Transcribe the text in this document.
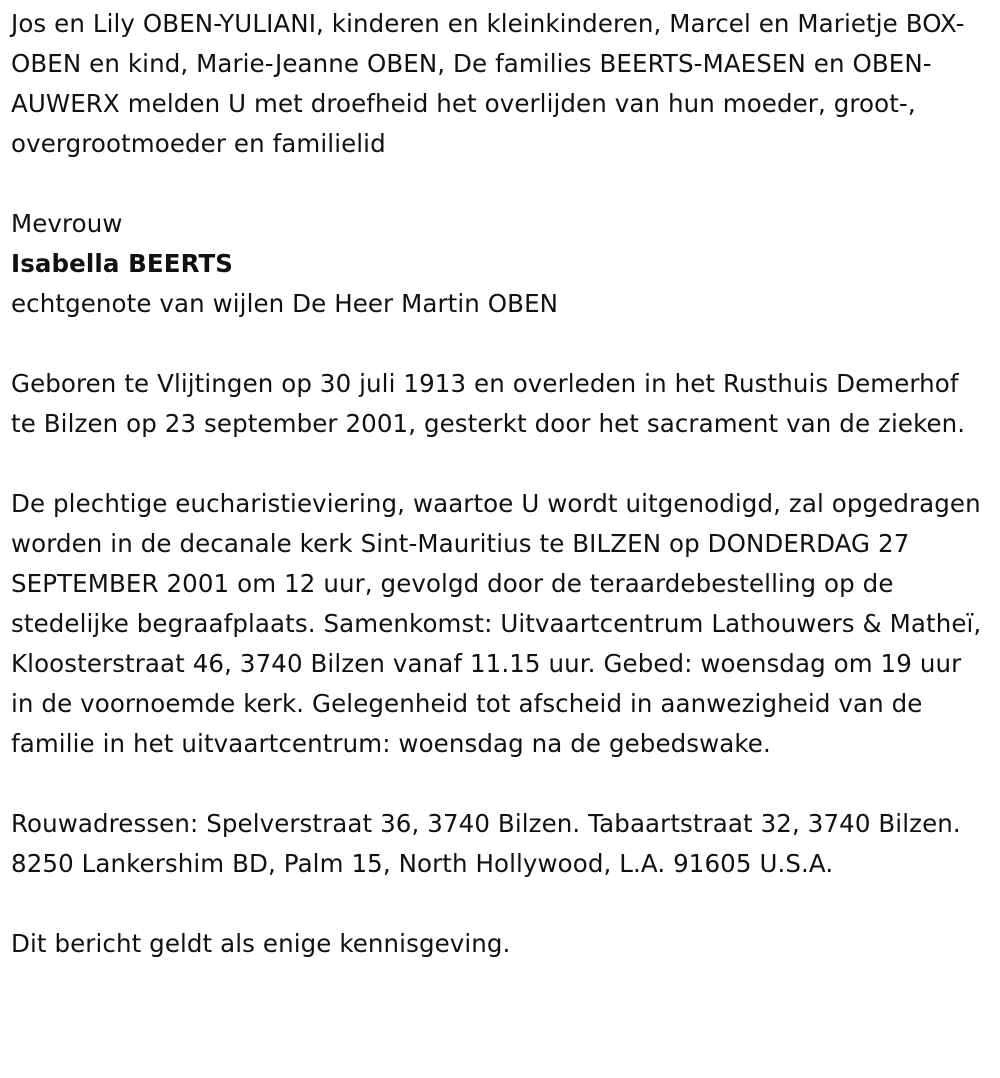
Jos en Lily OBEN-YULIANI, kinderen en kleinkinderen, Marcel en Marietje BOX-OBEN en kind, Marie-Jeanne OBEN, De families BEERTS-MAESEN en OBEN-AUWERX melden U met droefheid het overlijden van hun moeder, groot-, overgrootmoeder en familielid

Mevrouw

Isabella BEERTS

echtgenote van wijlen De Heer Martin OBEN

Geboren te Vlijtingen op 30 juli 1913 en overleden in het Rusthuis Demerhof te Bilzen op 23 september 2001, gesterkt door het sacrament van de zieken.

De plechtige eucharistieviering, waartoe U wordt uitgenodigd, zal opgedragen worden in de decanale kerk Sint-Mauritius te BILZEN op DONDERDAG 27 SEPTEMBER 2001 om 12 uur, gevolgd door de teraardebestelling op de stedelijke begraafplaats. Samenkomst: Uitvaartcentrum Lathouwers & Matheï, Kloosterstraat 46, 3740 Bilzen vanaf 11.15 uur. Gebed: woensdag om 19 uur in de voornoemde kerk. Gelegenheid tot afscheid in aanwezigheid van de familie in het uitvaartcentrum: woensdag na de gebedswake.

Rouwadressen: Spelverstraat 36, 3740 Bilzen. Tabaartstraat 32, 3740 Bilzen. 8250 Lankershim BD, Palm 15, North Hollywood, L.A. 91605 U.S.A.

Dit bericht geldt als enige kennisgeving.
